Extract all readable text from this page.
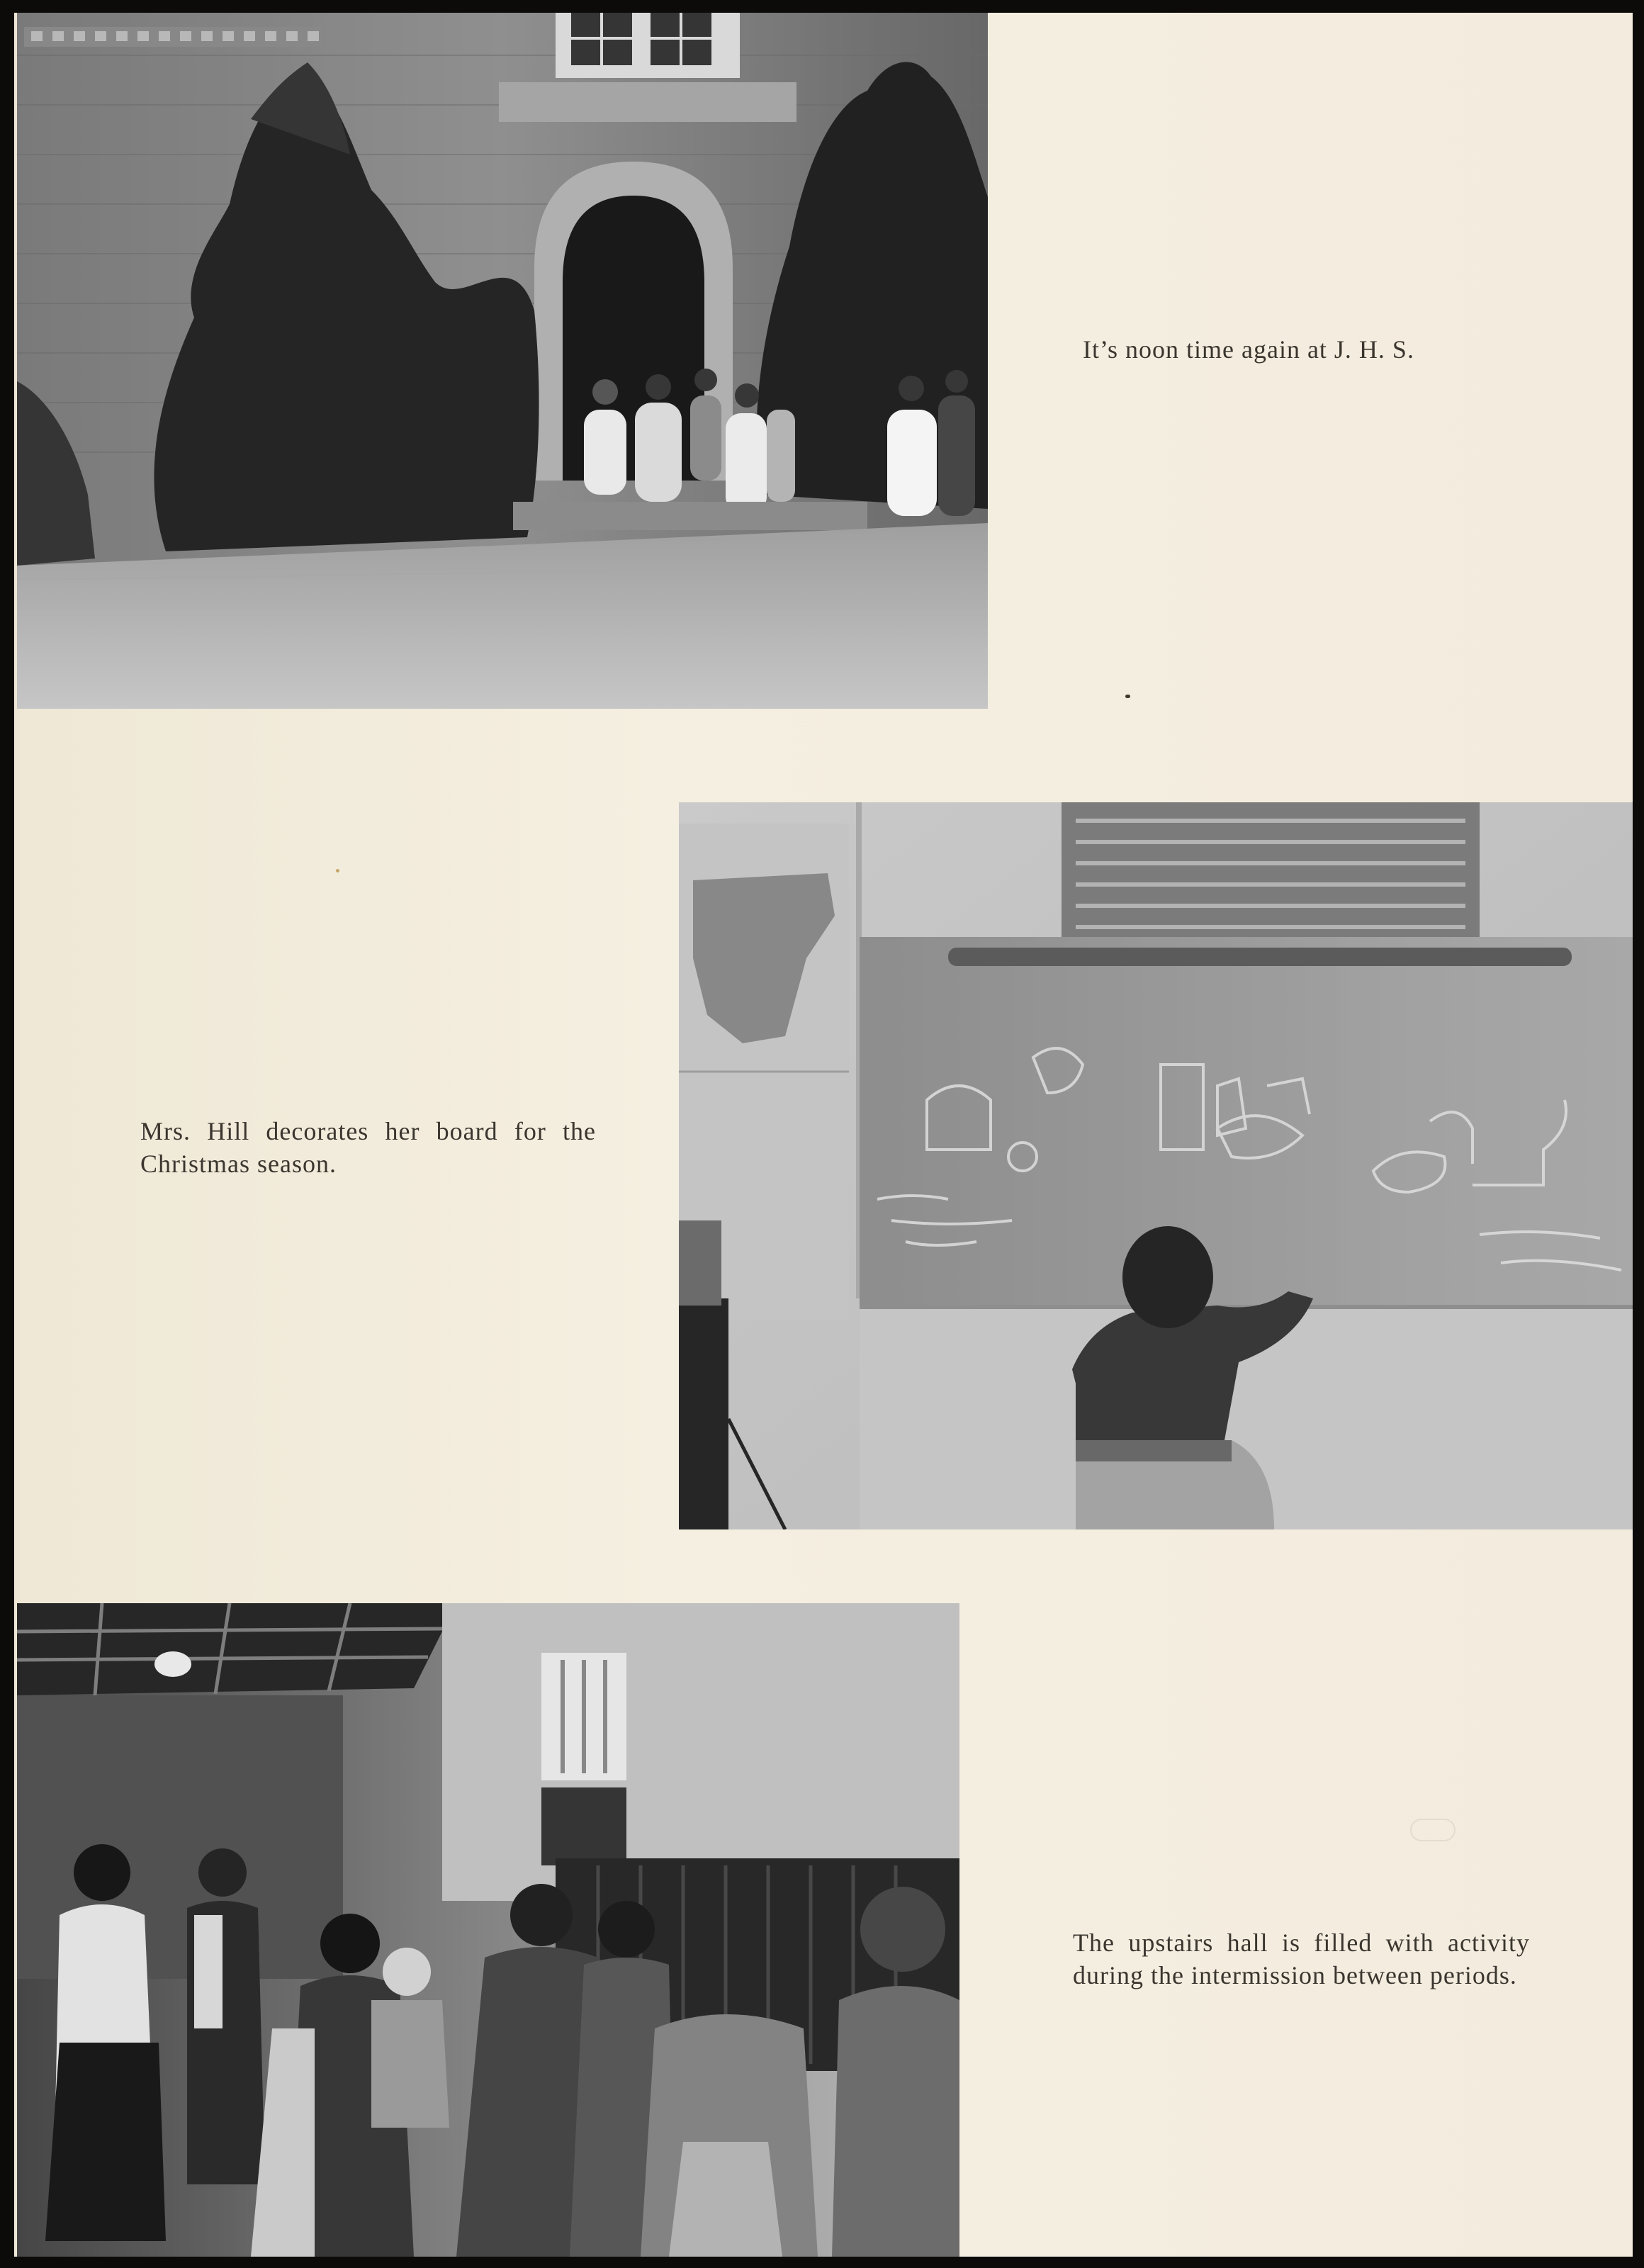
It’s noon time again at J. H. S.
Mrs. Hill decorates her board for the Christmas season.
The upstairs hall is filled with activity during the intermission between periods.
